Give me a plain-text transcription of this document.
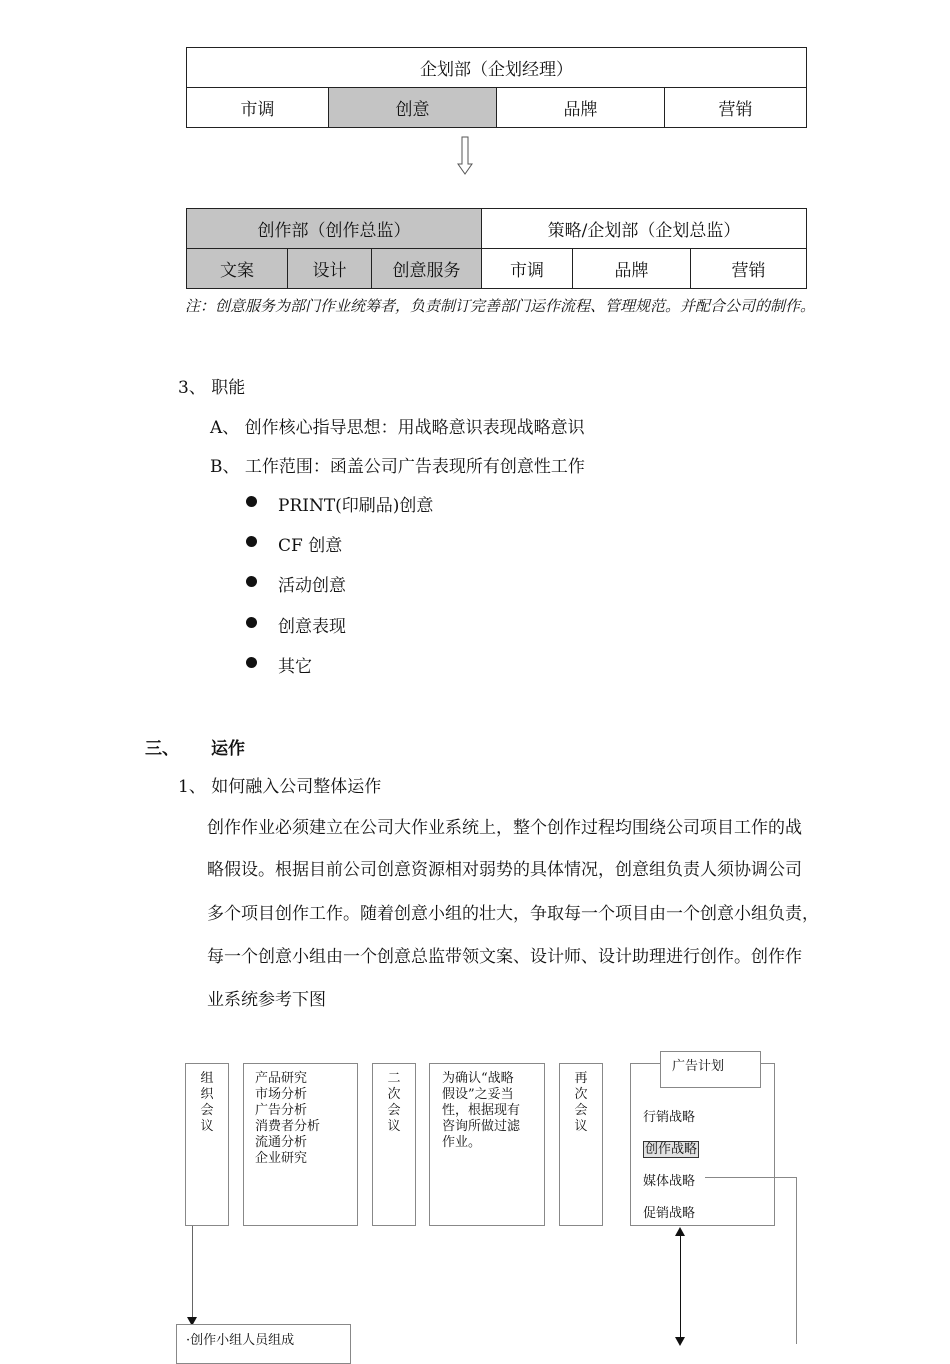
企划部（企划经理）
市调	创意	品牌	营销
创作部（创作总监）			策略/企划部（企划总监）		
文案	设计	创意服务	市调	品牌	营销
注：创意服务为部门作业统筹者，负责制订完善部门运作流程、管理规范。并配合公司的制作。
3、 职能
A、 创作核心指导思想：用战略意识表现战略意识
B、 工作范围：函盖公司广告表现所有创意性工作
PRINT(印刷品)创意
CF 创意
活动创意
创意表现
其它
三、 运作
1、 如何融入公司整体运作
创作作业必须建立在公司大作业系统上，整个创作过程均围绕公司项目工作的战
略假设。根据目前公司创意资源相对弱势的具体情况，创意组负责人须协调公司
多个项目创作工作。随着创意小组的壮大，争取每一个项目由一个创意小组负责，
每一个创意小组由一个创意总监带领文案、设计师、设计助理进行创作。创作作
业系统参考下图
组
织
会
议
产品研究
市场分析
广告分析
消费者分析
流通分析
企业研究
二
次
会
议
为确认“战略
假设”之妥当
性，根据现有
咨询所做过滤
作业。
再
次
会
议
广告计划

行销战略

创作战略

媒体战略

促销战略

·创作小组人员组成
